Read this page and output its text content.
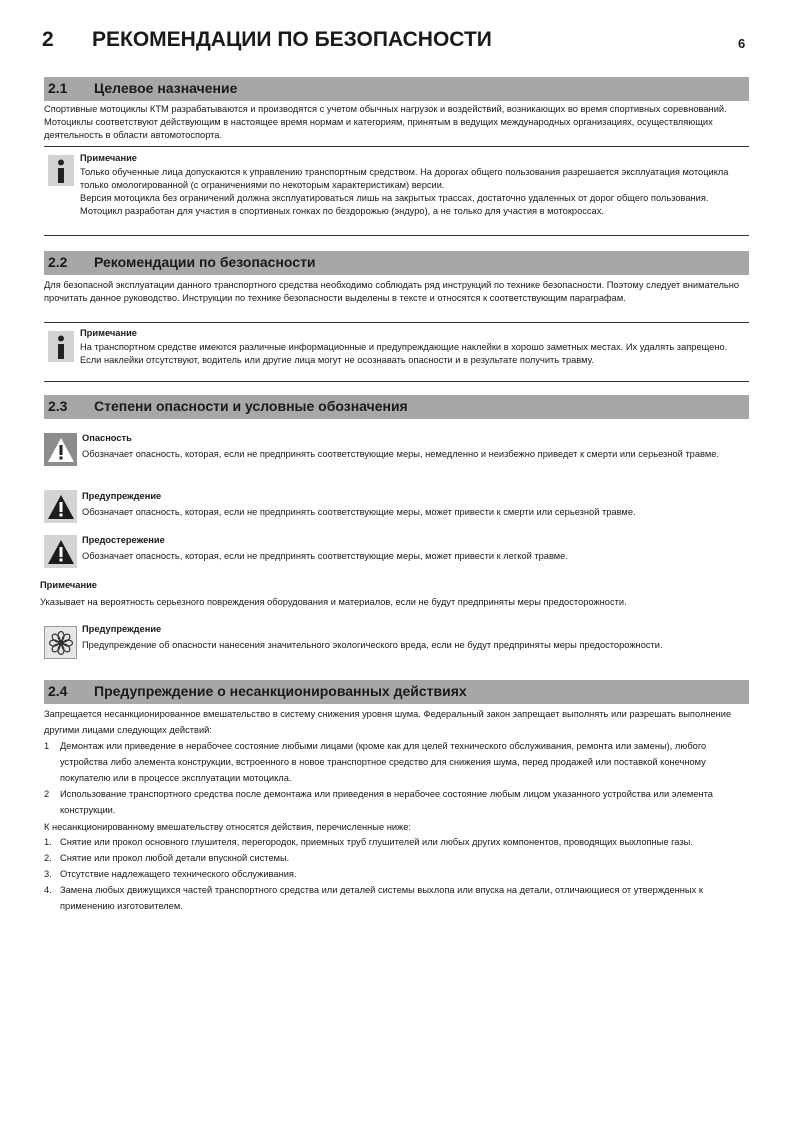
2 РЕКОМЕНДАЦИИ ПО БЕЗОПАСНОСТИ	6
2.1 Целевое назначение
Спортивные мотоциклы КТМ разрабатываются и производятся с учетом обычных нагрузок и воздействий, возникающих во время спортивных соревнований. Мотоциклы соответствуют действующим в настоящее время нормам и категориям, принятым в ведущих международных организациях, осуществляющих деятельность в области автомотоспорта.
Примечание
Только обученные лица допускаются к управлению транспортным средством. На дорогах общего пользования разрешается эксплуатация мотоцикла только омологированной (с ограничениями по некоторым характеристикам) версии.
Версия мотоцикла без ограничений должна эксплуатироваться лишь на закрытых трассах, достаточно удаленных от дорог общего пользования.
Мотоцикл разработан для участия в спортивных гонках по бездорожью (эндуро), а не только для участия в мотокроссах.
2.2 Рекомендации по безопасности
Для безопасной эксплуатации данного транспортного средства необходимо соблюдать ряд инструкций по технике безопасности. Поэтому следует внимательно прочитать данное руководство. Инструкции по технике безопасности выделены в тексте и относятся к соответствующим параграфам.
Примечание
На транспортном средстве имеются различные информационные и предупреждающие наклейки в хорошо заметных местах. Их удалять запрещено. Если наклейки отсутствуют, водитель или другие лица могут не осознавать опасности и в результате получить травму.
2.3 Степени опасности и условные обозначения
Опасность
Обозначает опасность, которая, если не предпринять соответствующие меры, немедленно и неизбежно приведет к смерти или серьезной травме.
Предупреждение
Обозначает опасность, которая, если не предпринять соответствующие меры, может привести к смерти или серьезной травме.
Предостережение
Обозначает опасность, которая, если не предпринять соответствующие меры, может привести к легкой травме.
Примечание
Указывает на вероятность серьезного повреждения оборудования и материалов, если не будут предприняты меры предосторожности.
Предупреждение
Предупреждение об опасности нанесения значительного экологического вреда, если не будут предприняты меры предосторожности.
2.4 Предупреждение о несанкционированных действиях
Запрещается несанкционированное вмешательство в систему снижения уровня шума. Федеральный закон запрещает выполнять или разрешать выполнение другими лицами следующих действий:
1 Демонтаж или приведение в нерабочее состояние любыми лицами (кроме как для целей технического обслуживания, ремонта или замены), любого устройства либо элемента конструкции, встроенного в новое транспортное средство для снижения шума, перед продажей или поставкой конечному покупателю или в процессе эксплуатации мотоцикла.
2 Использование транспортного средства после демонтажа или приведения в нерабочее состояние любым лицом указанного устройства или элемента конструкции.
К несанкционированному вмешательству относятся действия, перечисленные ниже:
1. Снятие или прокол основного глушителя, перегородок, приемных труб глушителей или любых других компонентов, проводящих выхлопные газы.
2. Снятие или прокол любой детали впускной системы.
3. Отсутствие надлежащего технического обслуживания.
4. Замена любых движущихся частей транспортного средства или деталей системы выхлопа или впуска на детали, отличающиеся от утвержденных к применению изготовителем.
